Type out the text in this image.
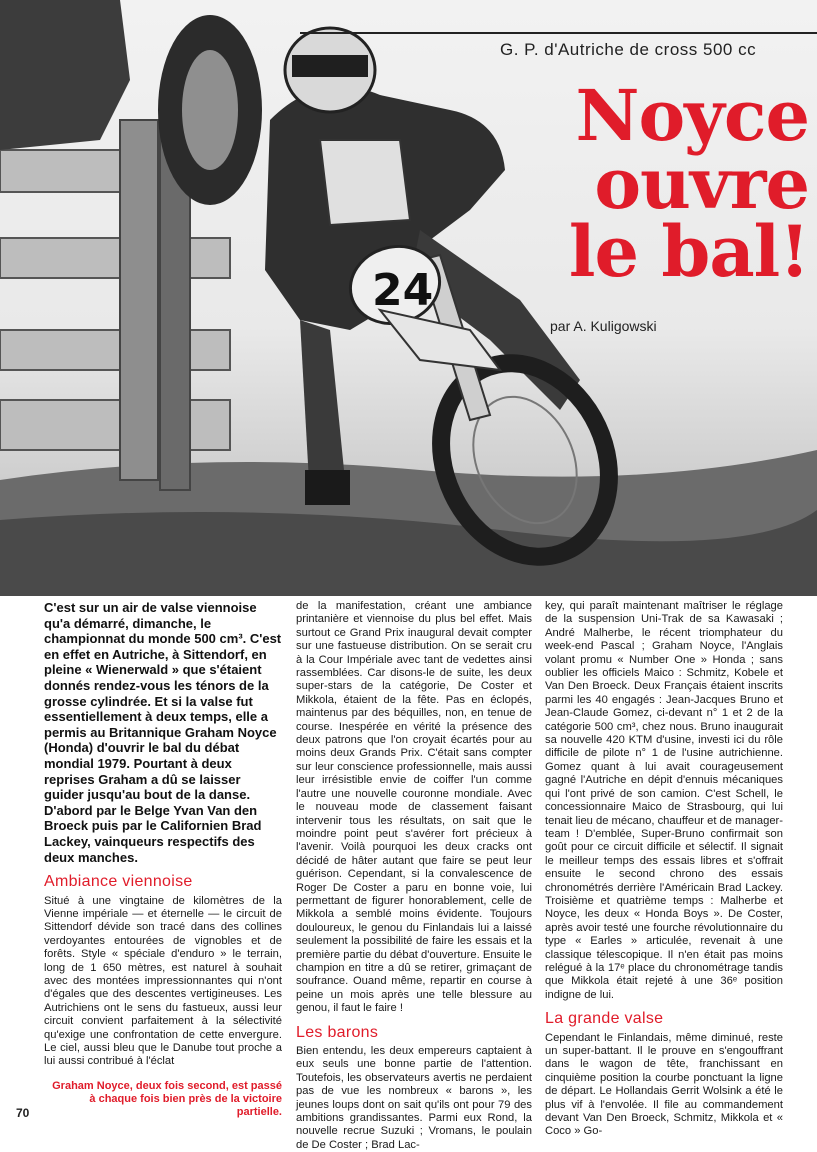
24
G. P. d'Autriche de cross 500 cc
Noyce
ouvre
le bal!
par A. Kuligowski

C'est sur un air de valse viennoise qu'a démarré, dimanche, le championnat du monde 500 cm³. C'est en effet en Autriche, à Sittendorf, en pleine « Wienerwald » que s'étaient donnés rendez-vous les ténors de la grosse cylindrée. Et si la valse fut essentiellement à deux temps, elle a permis au Britannique Graham Noyce (Honda) d'ouvrir le bal du débat mondial 1979. Pourtant à deux reprises Graham a dû se laisser guider jusqu'au bout de la danse. D'abord par le Belge Yvan Van den Broeck puis par le Californien Brad Lackey, vainqueurs respectifs des deux manches.

Ambiance viennoise

Situé à une vingtaine de kilomètres de la Vienne impériale — et éternelle — le circuit de Sittendorf dévide son tracé dans des collines verdoyantes entourées de vignobles et de forêts. Style « spéciale d'enduro » le terrain, long de 1 650 mètres, est naturel à souhait avec des montées impressionnantes qui n'ont d'égales que des descentes vertigineuses. Les Autrichiens ont le sens du fastueux, aussi leur circuit convient parfaitement à la sélectivité qu'exige une confrontation de cette envergure. Le ciel, aussi bleu que le Danube tout proche a lui aussi contribué à l'éclat

de la manifestation, créant une ambiance printanière et viennoise du plus bel effet. Mais surtout ce Grand Prix inaugural devait compter sur une fastueuse distribution. On se serait cru à la Cour Impériale avec tant de vedettes ainsi rassemblées. Car disons-le de suite, les deux super-stars de la catégorie, De Coster et Mikkola, étaient de la fête. Pas en éclopés, maintenus par des béquilles, non, en tenue de course. Inespérée en vérité la présence des deux patrons que l'on croyait écartés pour au moins deux Grands Prix. C'était sans compter sur leur conscience professionnelle, mais aussi leur irrésistible envie de coiffer l'un comme l'autre une nouvelle couronne mondiale. Avec le nouveau mode de classement faisant intervenir tous les résultats, on sait que le moindre point peut s'avérer fort précieux à l'avenir. Voilà pourquoi les deux cracks ont décidé de hâter autant que faire se peut leur guérison. Cependant, si la convalescence de Roger De Coster a paru en bonne voie, lui permettant de figurer honorablement, celle de Mikkola a semblé moins évidente. Toujours douloureux, le genou du Finlandais lui a laissé seulement la possibilité de faire les essais et la première partie du débat d'ouverture. Ensuite le champion en titre a dû se retirer, grimaçant de soufrance. Ouand même, repartir en course à peine un mois après une telle blessure au genou, il faut le faire !

Les barons

Bien entendu, les deux empereurs captaient à eux seuls une bonne partie de l'attention. Toutefois, les observateurs avertis ne perdaient pas de vue les nombreux « barons », les jeunes loups dont on sait qu'ils ont pour 79 des ambitions grandissantes. Parmi eux Rond, la nouvelle recrue Suzuki ; Vromans, le poulain de De Coster ; Brad Lac-

key, qui paraît maintenant maîtriser le réglage de la suspension Uni-Trak de sa Kawasaki ; André Malherbe, le récent triomphateur du week-end Pascal ; Graham Noyce, l'Anglais volant promu « Number One » Honda ; sans oublier les officiels Maico : Schmitz, Kobele et Van Den Broeck. Deux Français étaient inscrits parmi les 40 engagés : Jean-Jacques Bruno et Jean-Claude Gomez, ci-devant n° 1 et 2 de la catégorie 500 cm³, chez nous. Bruno inaugurait sa nouvelle 420 KTM d'usine, investi ici du rôle difficile de pilote n° 1 de l'usine autrichienne. Gomez quant à lui avait courageusement gagné l'Autriche en dépit d'ennuis mécaniques qui l'ont privé de son camion. C'est Schell, le concessionnaire Maico de Strasbourg, qui lui tenait lieu de mécano, chauffeur et de manager-team ! D'emblée, Super-Bruno confirmait son goût pour ce circuit difficile et sélectif. Il signait le meilleur temps des essais libres et s'offrait ensuite le second chrono des essais chronométrés derrière l'Américain Brad Lackey. Troisième et quatrième temps : Malherbe et Noyce, les deux « Honda Boys ». De Coster, après avoir testé une fourche révolutionnaire du type « Earles » articulée, revenait à une classique télescopique. Il n'en était pas moins relégué à la 17ᵉ place du chronométrage tandis que Mikkola était rejeté à une 36ᵉ position indigne de lui.

La grande valse

Cependant le Finlandais, même diminué, reste un super-battant. Il le prouve en s'engouffrant dans le wagon de tête, franchissant en cinquième position la courbe ponctuant la ligne de départ. Le Hollandais Gerrit Wolsink a été le plus vif à l'envolée. Il file au commandement devant Van Den Broeck, Schmitz, Mikkola et « Coco » Go-

Graham Noyce, deux fois second, est passé à chaque fois bien près de la victoire partielle.
70
